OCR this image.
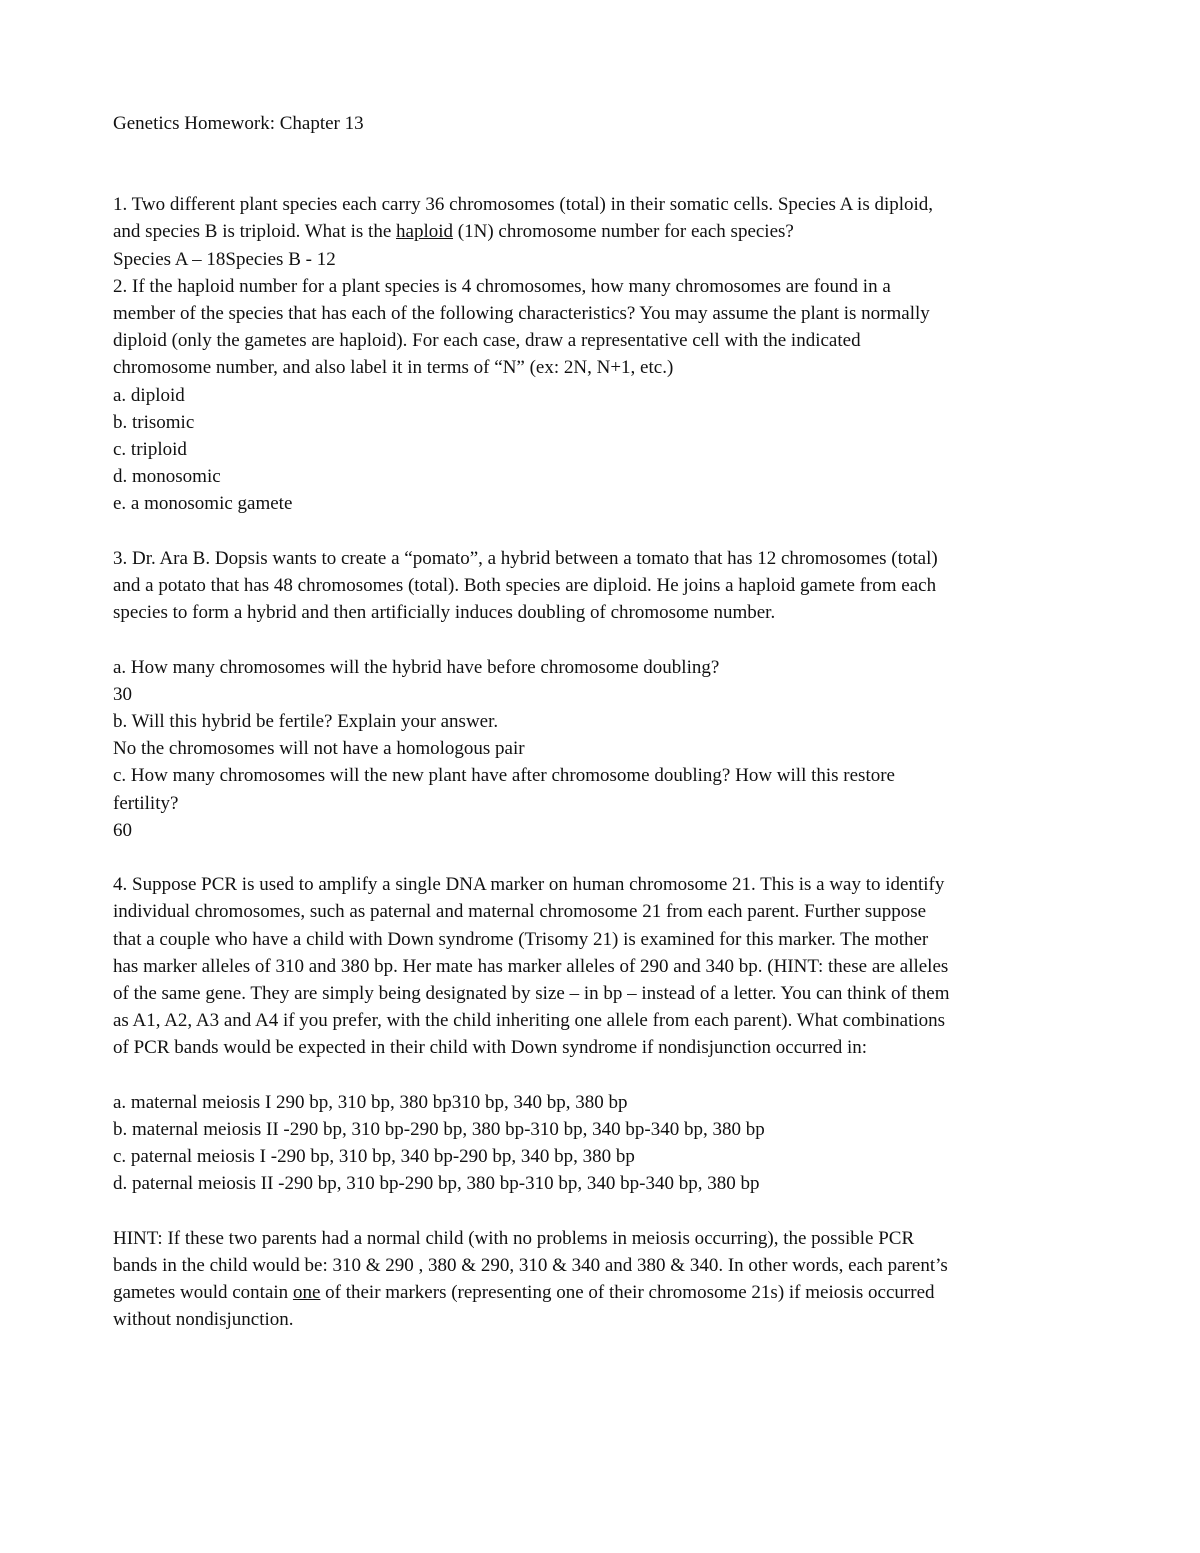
Genetics Homework: Chapter 13

1. Two different plant species each carry 36 chromosomes (total) in their somatic cells. Species A is diploid,

and species B is triploid. What is the haploid (1N) chromosome number for each species?

Species A – 18Species B - 12

2. If the haploid number for a plant species is 4 chromosomes, how many chromosomes are found in a

member of the species that has each of the following characteristics? You may assume the plant is normally

diploid (only the gametes are haploid). For each case, draw a representative cell with the indicated

chromosome number, and also label it in terms of “N” (ex: 2N, N+1, etc.)

a. diploid

b. trisomic

c. triploid

d. monosomic

e. a monosomic gamete

3. Dr. Ara B. Dopsis wants to create a “pomato”, a hybrid between a tomato that has 12 chromosomes (total)

and a potato that has 48 chromosomes (total). Both species are diploid. He joins a haploid gamete from each

species to form a hybrid and then artificially induces doubling of chromosome number.

a. How many chromosomes will the hybrid have before chromosome doubling?

30

b. Will this hybrid be fertile? Explain your answer.

No the chromosomes will not have a homologous pair

c. How many chromosomes will the new plant have after chromosome doubling? How will this restore

fertility?

60

4. Suppose PCR is used to amplify a single DNA marker on human chromosome 21. This is a way to identify

individual chromosomes, such as paternal and maternal chromosome 21 from each parent. Further suppose

that a couple who have a child with Down syndrome (Trisomy 21) is examined for this marker. The mother

has marker alleles of 310 and 380 bp. Her mate has marker alleles of 290 and 340 bp. (HINT: these are alleles

of the same gene. They are simply being designated by size – in bp – instead of a letter. You can think of them

as A1, A2, A3 and A4 if you prefer, with the child inheriting one allele from each parent). What combinations

of PCR bands would be expected in their child with Down syndrome if nondisjunction occurred in:

a. maternal meiosis I 290 bp, 310 bp, 380 bp310 bp, 340 bp, 380 bp

b. maternal meiosis II -290 bp, 310 bp-290 bp, 380 bp-310 bp, 340 bp-340 bp, 380 bp

c. paternal meiosis I -290 bp, 310 bp, 340 bp-290 bp, 340 bp, 380 bp

d. paternal meiosis II -290 bp, 310 bp-290 bp, 380 bp-310 bp, 340 bp-340 bp, 380 bp

HINT: If these two parents had a normal child (with no problems in meiosis occurring), the possible PCR

bands in the child would be: 310 & 290 , 380 & 290, 310 & 340 and 380 & 340. In other words, each parent’s

gametes would contain one of their markers (representing one of their chromosome 21s) if meiosis occurred

without nondisjunction.
